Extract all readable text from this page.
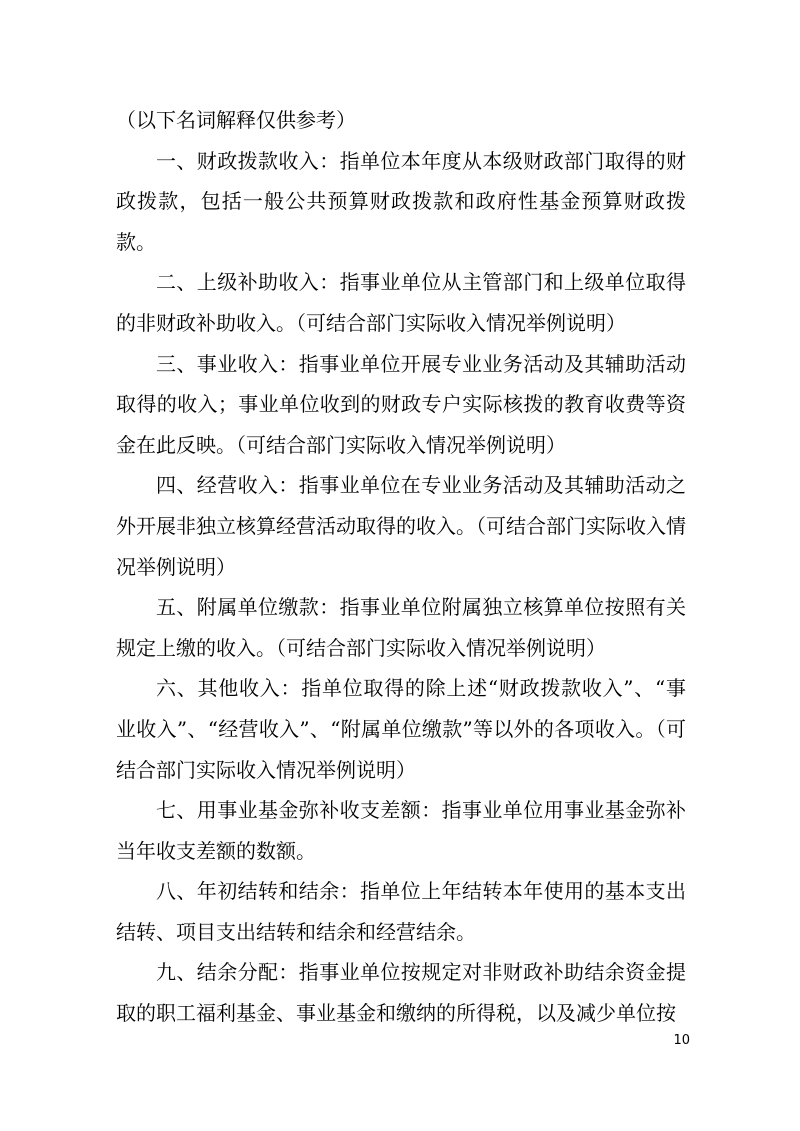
（以下名词解释仅供参考）

一、财政拨款收入：指单位本年度从本级财政部门取得的财政拨款，包括一般公共预算财政拨款和政府性基金预算财政拨款。

二、上级补助收入：指事业单位从主管部门和上级单位取得的非财政补助收入。（可结合部门实际收入情况举例说明）

三、事业收入：指事业单位开展专业业务活动及其辅助活动取得的收入；事业单位收到的财政专户实际核拨的教育收费等资金在此反映。（可结合部门实际收入情况举例说明）

四、经营收入：指事业单位在专业业务活动及其辅助活动之外开展非独立核算经营活动取得的收入。（可结合部门实际收入情况举例说明）

五、附属单位缴款：指事业单位附属独立核算单位按照有关规定上缴的收入。（可结合部门实际收入情况举例说明）

六、其他收入：指单位取得的除上述“财政拨款收入”、“事业收入”、“经营收入”、“附属单位缴款”等以外的各项收入。（可结合部门实际收入情况举例说明）

七、用事业基金弥补收支差额：指事业单位用事业基金弥补当年收支差额的数额。

八、年初结转和结余：指单位上年结转本年使用的基本支出结转、项目支出结转和结余和经营结余。

九、结余分配：指事业单位按规定对非财政补助结余资金提取的职工福利基金、事业基金和缴纳的所得税，以及减少单位按

10
